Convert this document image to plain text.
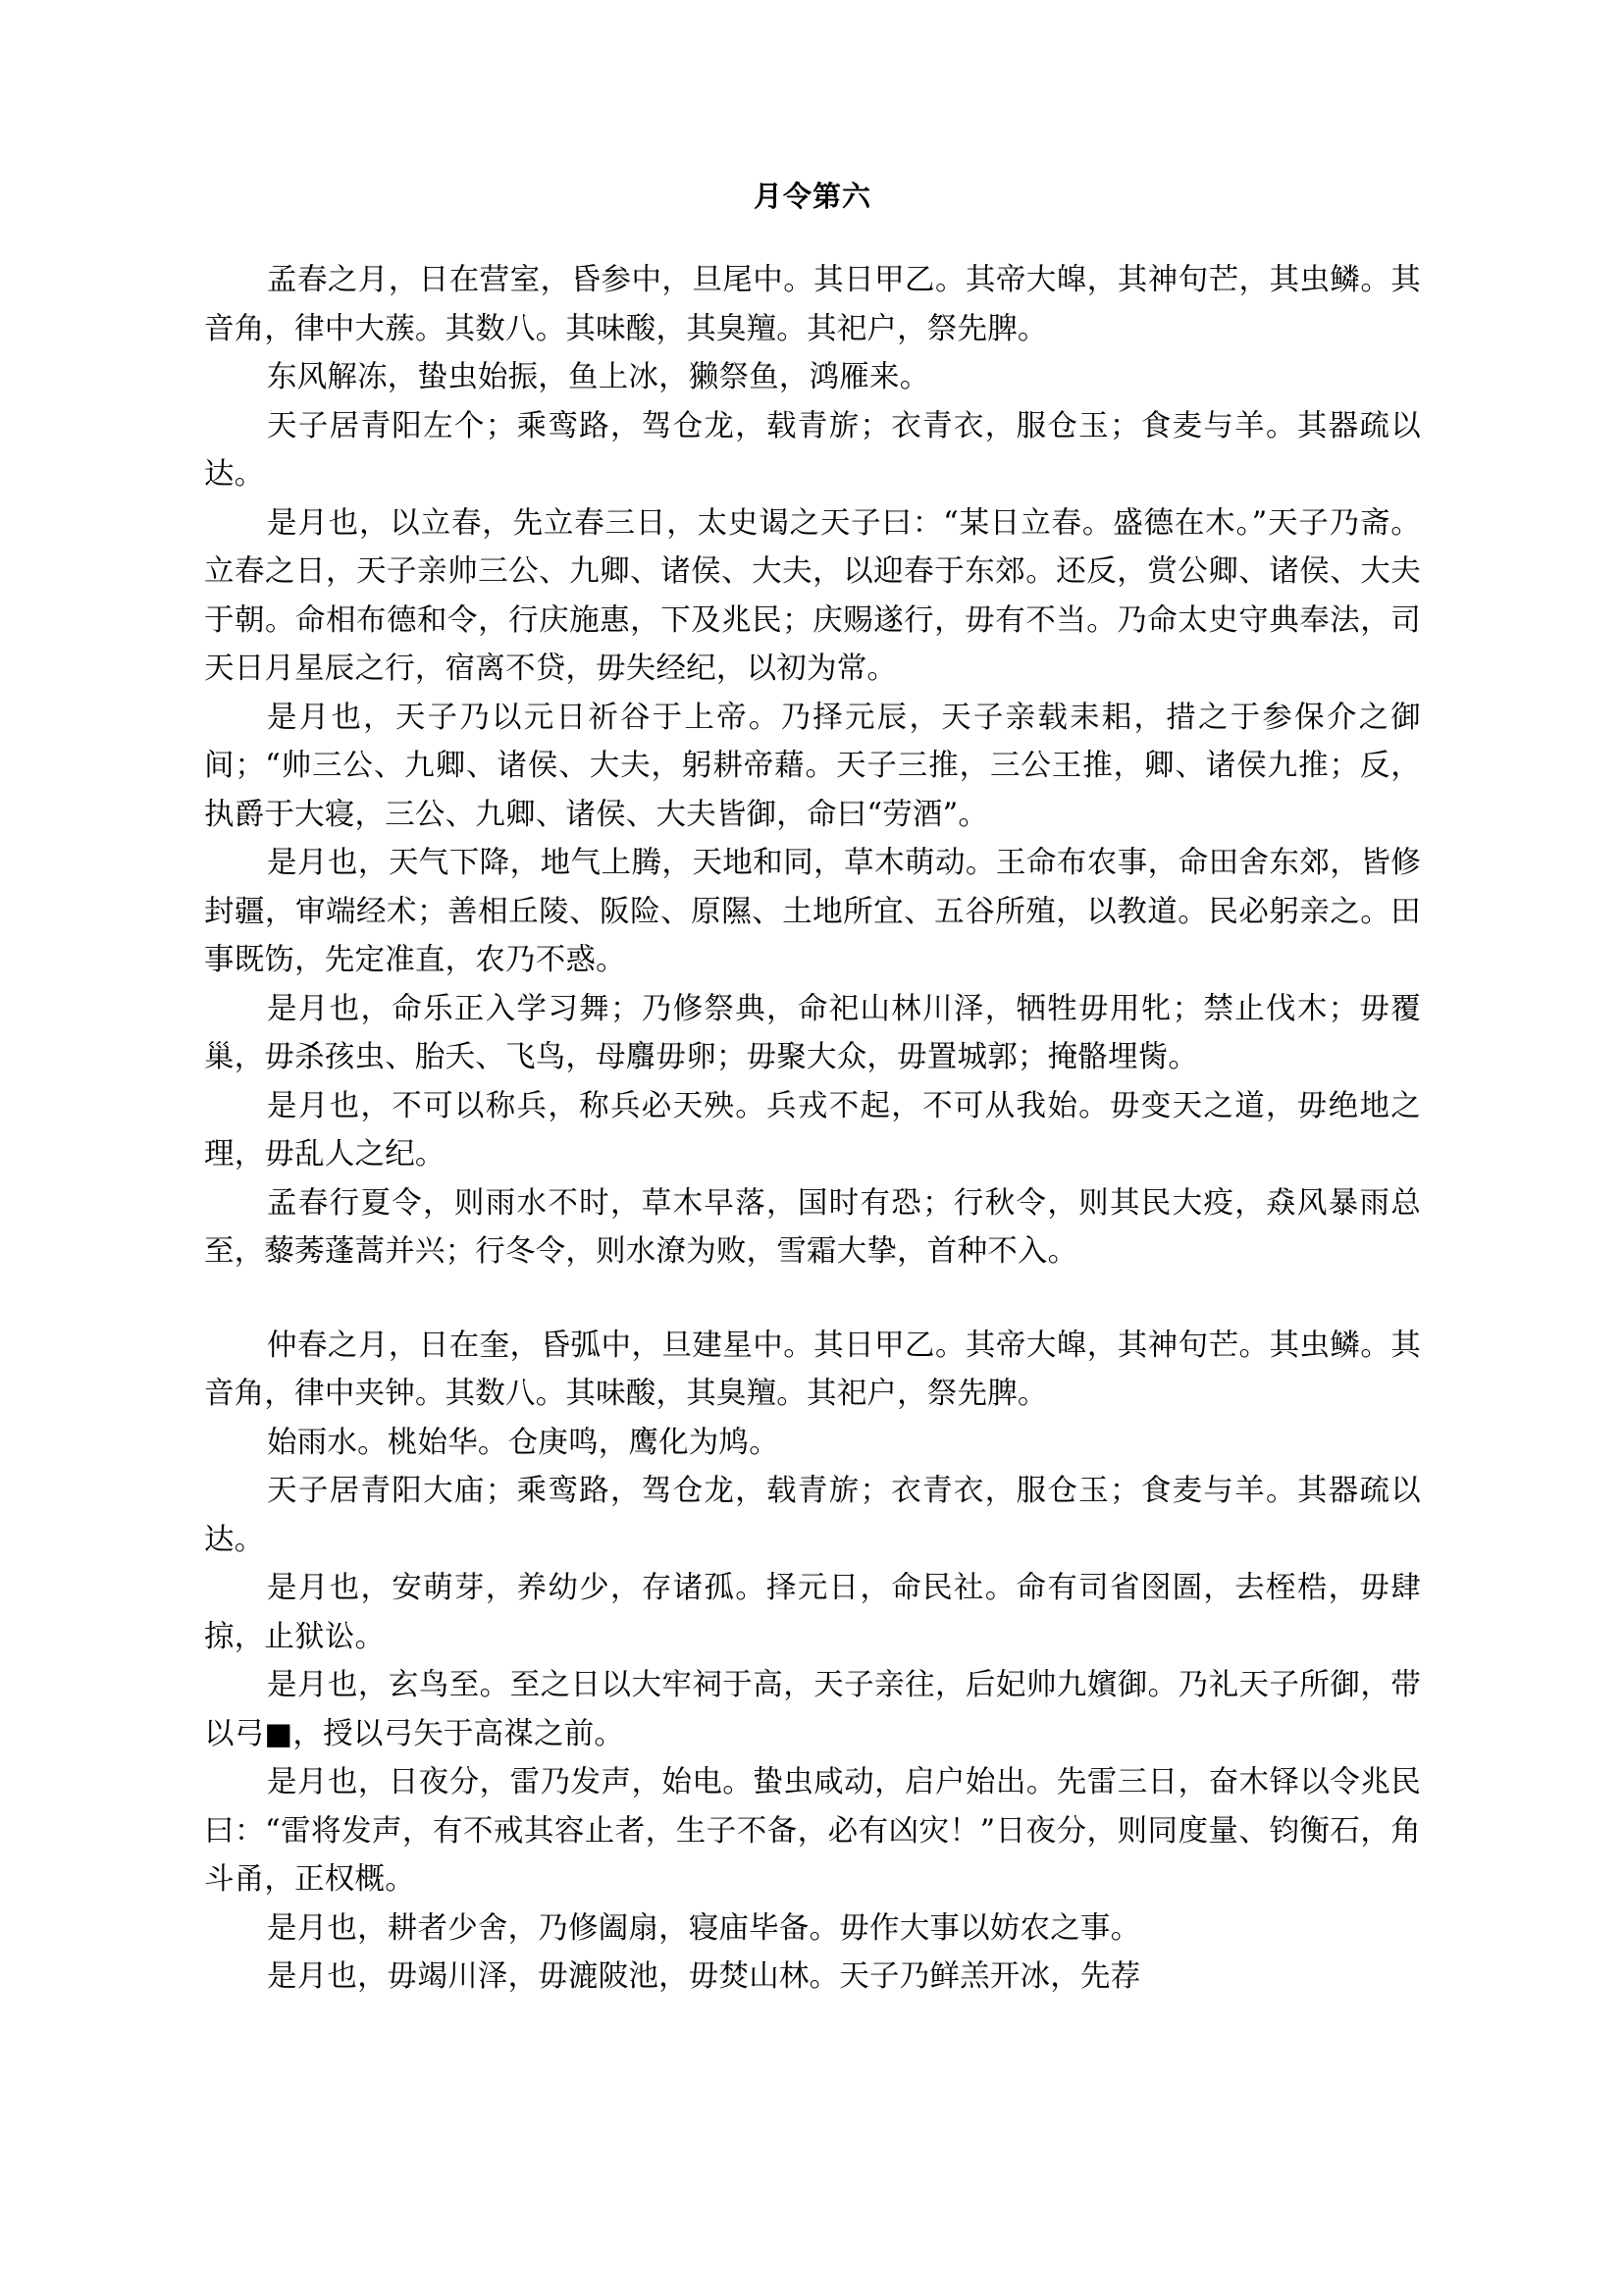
月令第六

孟春之月，日在营室，昏参中，旦尾中。其日甲乙。其帝大皡，其神句芒，其虫鳞。其音角，律中大蔟。其数八。其味酸，其臭羶。其祀户，祭先脾。

东风解冻，蛰虫始振，鱼上冰，獭祭鱼，鸿雁来。

天子居青阳左个；乘鸾路，驾仓龙，载青旂；衣青衣，服仓玉；食麦与羊。其器疏以达。

是月也，以立春，先立春三日，太史谒之天子曰：“某日立春。盛德在木。”天子乃斋。立春之日，天子亲帅三公、九卿、诸侯、大夫，以迎春于东郊。还反，赏公卿、诸侯、大夫于朝。命相布德和令，行庆施惠，下及兆民；庆赐遂行，毋有不当。乃命太史守典奉法，司天日月星辰之行，宿离不贷，毋失经纪，以初为常。

是月也，天子乃以元日祈谷于上帝。乃择元辰，天子亲载耒耜，措之于参保介之御间；“帅三公、九卿、诸侯、大夫，躬耕帝藉。天子三推，三公王推，卿、诸侯九推；反，执爵于大寝，三公、九卿、诸侯、大夫皆御，命曰“劳酒”。

是月也，天气下降，地气上腾，天地和同，草木萌动。王命布农事，命田舍东郊，皆修封疆，审端经术；善相丘陵、阪险、原隰、土地所宜、五谷所殖，以教道。民必躬亲之。田事既饬，先定准直，农乃不惑。

是月也，命乐正入学习舞；乃修祭典，命祀山林川泽，牺牲毋用牝；禁止伐木；毋覆巢，毋杀孩虫、胎夭、飞鸟，母麛毋卵；毋聚大众，毋置城郭；掩骼埋胔。

是月也，不可以称兵，称兵必天殃。兵戎不起，不可从我始。毋变天之道，毋绝地之理，毋乱人之纪。

孟春行夏令，则雨水不时，草木早落，国时有恐；行秋令，则其民大疫，猋风暴雨总至，藜莠蓬蒿并兴；行冬令，则水潦为败，雪霜大挚，首种不入。

仲春之月，日在奎，昏弧中，旦建星中。其日甲乙。其帝大皡，其神句芒。其虫鳞。其音角，律中夹钟。其数八。其味酸，其臭羶。其祀户，祭先脾。

始雨水。桃始华。仓庚鸣，鹰化为鸠。

天子居青阳大庙；乘鸾路，驾仓龙，载青旂；衣青衣，服仓玉；食麦与羊。其器疏以达。

是月也，安萌芽，养幼少，存诸孤。择元日，命民社。命有司省囹圄，去桎梏，毋肆掠，止狱讼。

是月也，玄鸟至。至之日以大牢祠于高，天子亲往，后妃帅九嬪御。乃礼天子所御，带以弓■，授以弓矢于高禖之前。

是月也，日夜分，雷乃发声，始电。蛰虫咸动，启户始出。先雷三日，奋木铎以令兆民曰：“雷将发声，有不戒其容止者，生子不备，必有凶灾！”日夜分，则同度量、钧衡石，角斗甬，正权概。

是月也，耕者少舍，乃修阖扇，寝庙毕备。毋作大事以妨农之事。

是月也，毋竭川泽，毋漉陂池，毋焚山林。天子乃鲜羔开冰，先荐
